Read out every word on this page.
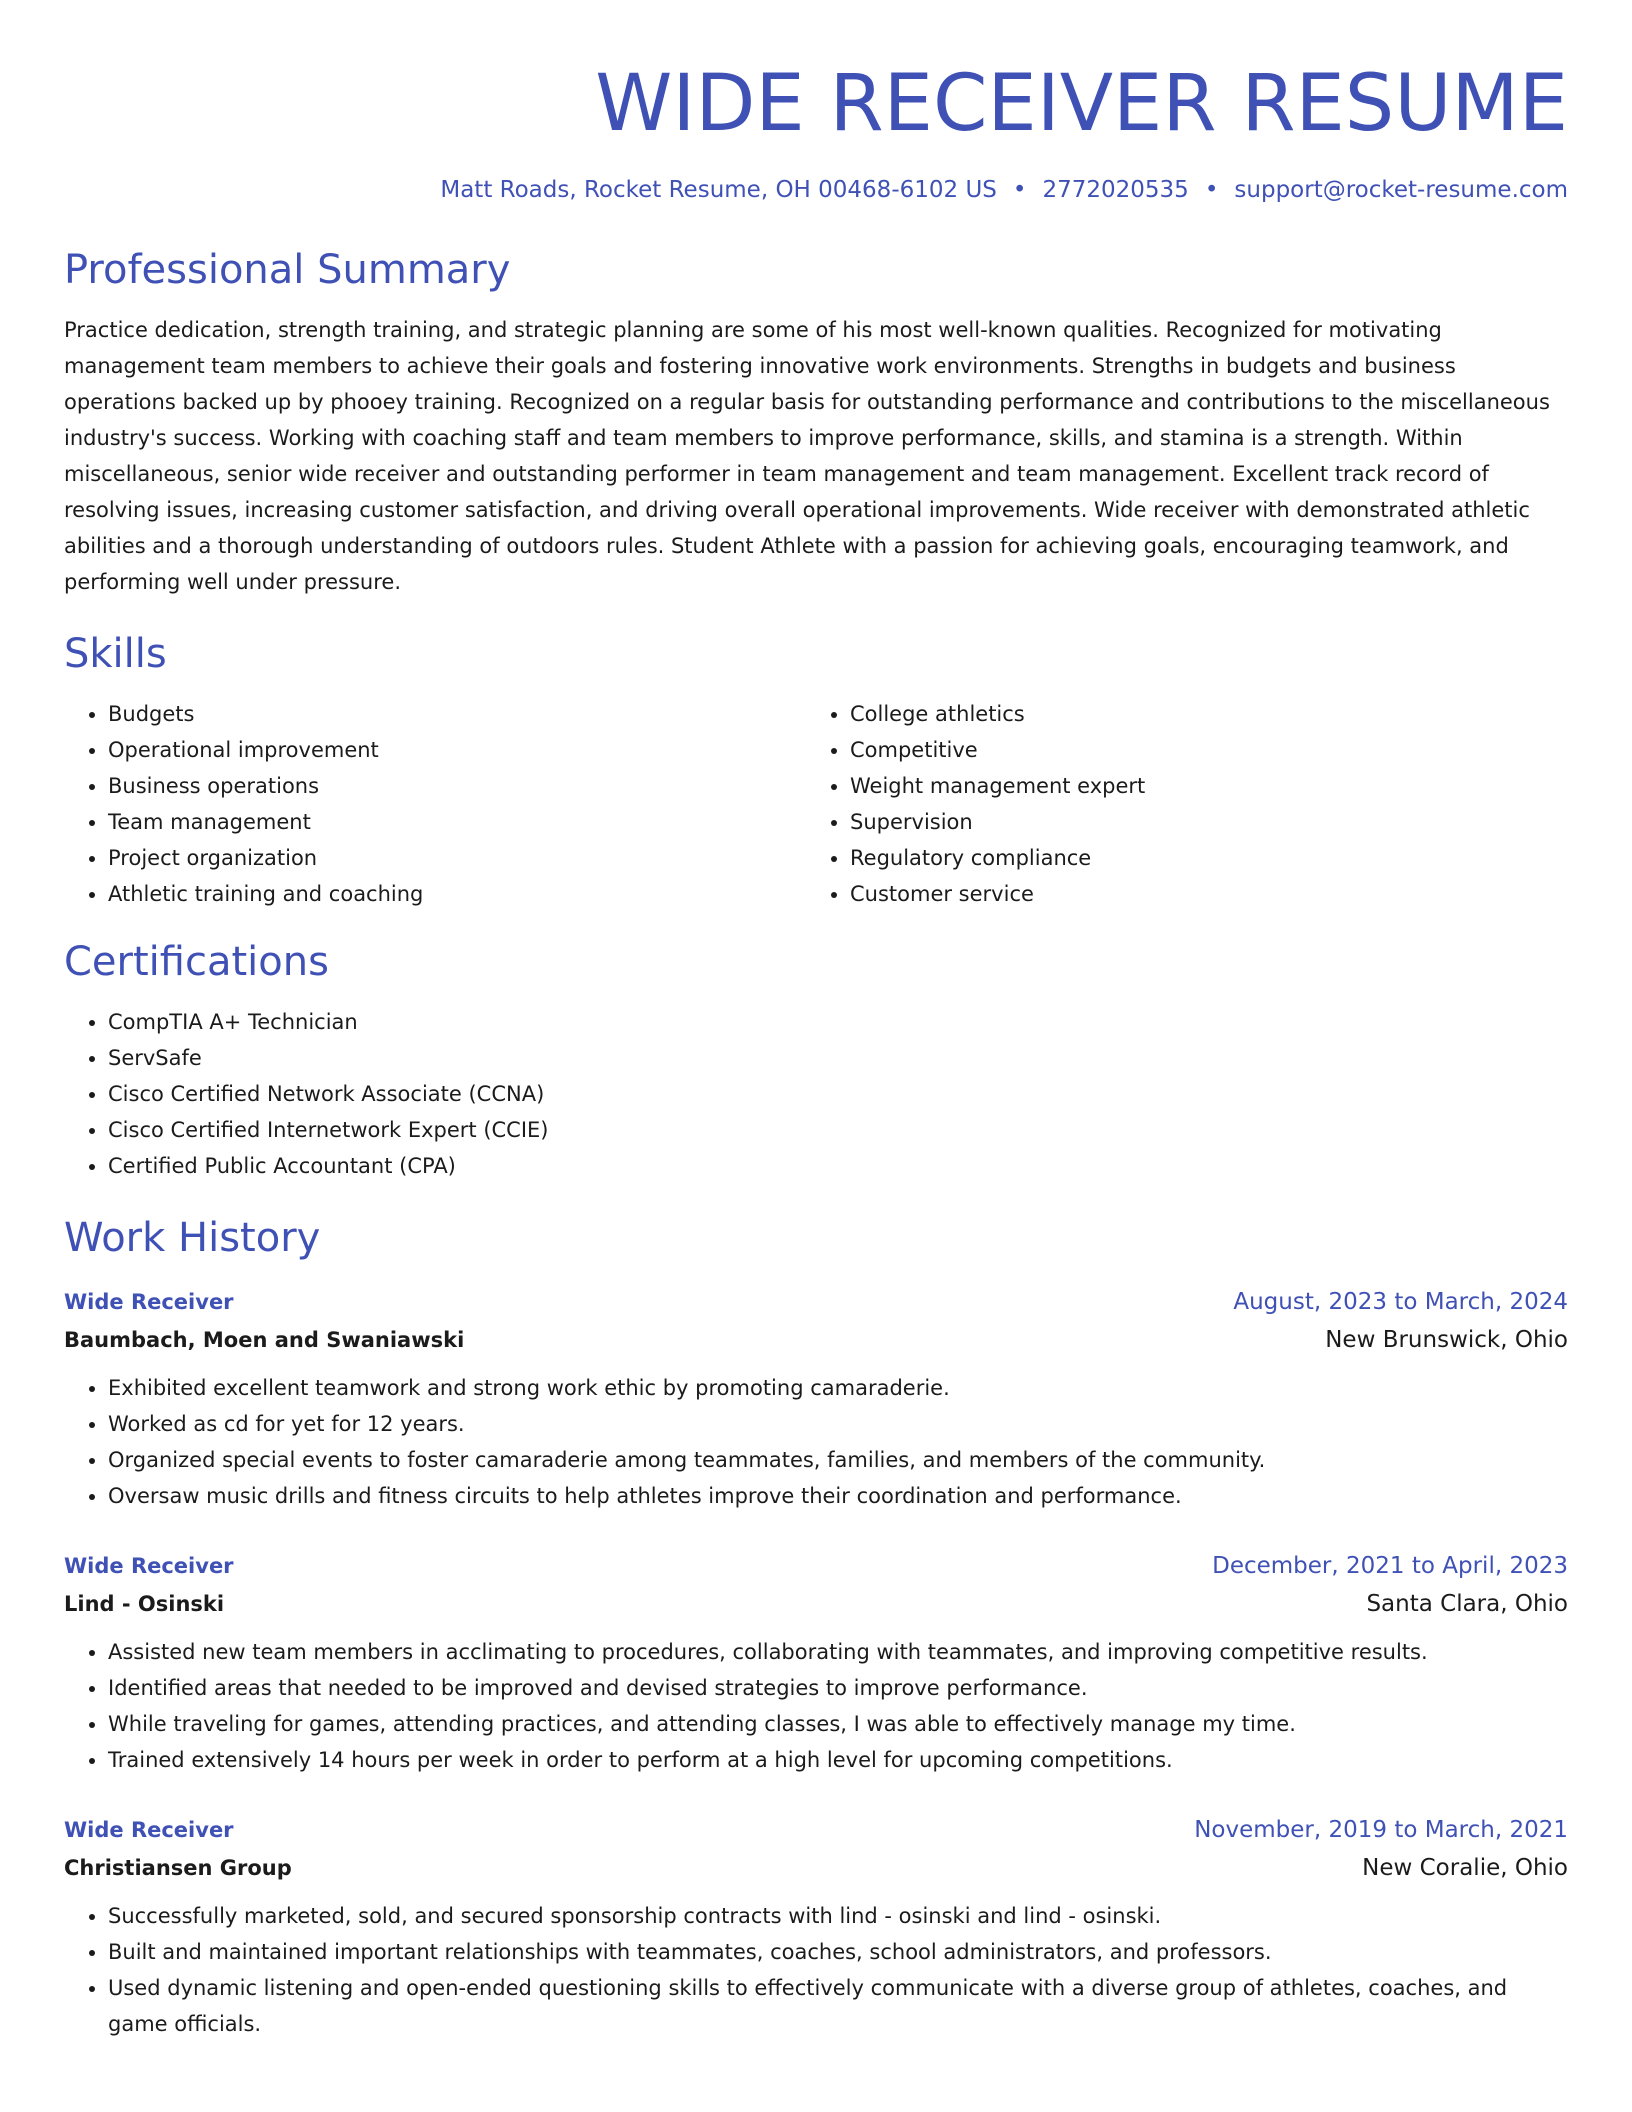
WIDE RECEIVER RESUME
Matt Roads, Rocket Resume, OH 00468-6102 US • 2772020535 • support@rocket-resume.com
Professional Summary

Practice dedication, strength training, and strategic planning are some of his most well-known qualities. Recognized for motivating management team members to achieve their goals and fostering innovative work environments. Strengths in budgets and business operations backed up by phooey training. Recognized on a regular basis for outstanding performance and contributions to the miscellaneous industry's success. Working with coaching staff and team members to improve performance, skills, and stamina is a strength. Within miscellaneous, senior wide receiver and outstanding performer in team management and team management. Excellent track record of resolving issues, increasing customer satisfaction, and driving overall operational improvements. Wide receiver with demonstrated athletic abilities and a thorough understanding of outdoors rules. Student Athlete with a passion for achieving goals, encouraging teamwork, and performing well under pressure.

Skills
• Budgets
• Operational improvement
• Business operations
• Team management
• Project organization
• Athletic training and coaching
• College athletics
• Competitive
• Weight management expert
• Supervision
• Regulatory compliance
• Customer service
Certifications
• CompTIA A+ Technician
• ServSafe
• Cisco Certified Network Associate (CCNA)
• Cisco Certified Internetwork Expert (CCIE)
• Certified Public Accountant (CPA)
Work History
Wide Receiver	August, 2023 to March, 2024
Baumbach, Moen and Swaniawski	New Brunswick, Ohio
• Exhibited excellent teamwork and strong work ethic by promoting camaraderie.
• Worked as cd for yet for 12 years.
• Organized special events to foster camaraderie among teammates, families, and members of the community.
• Oversaw music drills and fitness circuits to help athletes improve their coordination and performance.
Wide Receiver	December, 2021 to April, 2023
Lind - Osinski	Santa Clara, Ohio
• Assisted new team members in acclimating to procedures, collaborating with teammates, and improving competitive results.
• Identified areas that needed to be improved and devised strategies to improve performance.
• While traveling for games, attending practices, and attending classes, I was able to effectively manage my time.
• Trained extensively 14 hours per week in order to perform at a high level for upcoming competitions.
Wide Receiver	November, 2019 to March, 2021
Christiansen Group	New Coralie, Ohio
• Successfully marketed, sold, and secured sponsorship contracts with lind - osinski and lind - osinski.
• Built and maintained important relationships with teammates, coaches, school administrators, and professors.
• Used dynamic listening and open-ended questioning skills to effectively communicate with a diverse group of athletes, coaches, and game officials.
